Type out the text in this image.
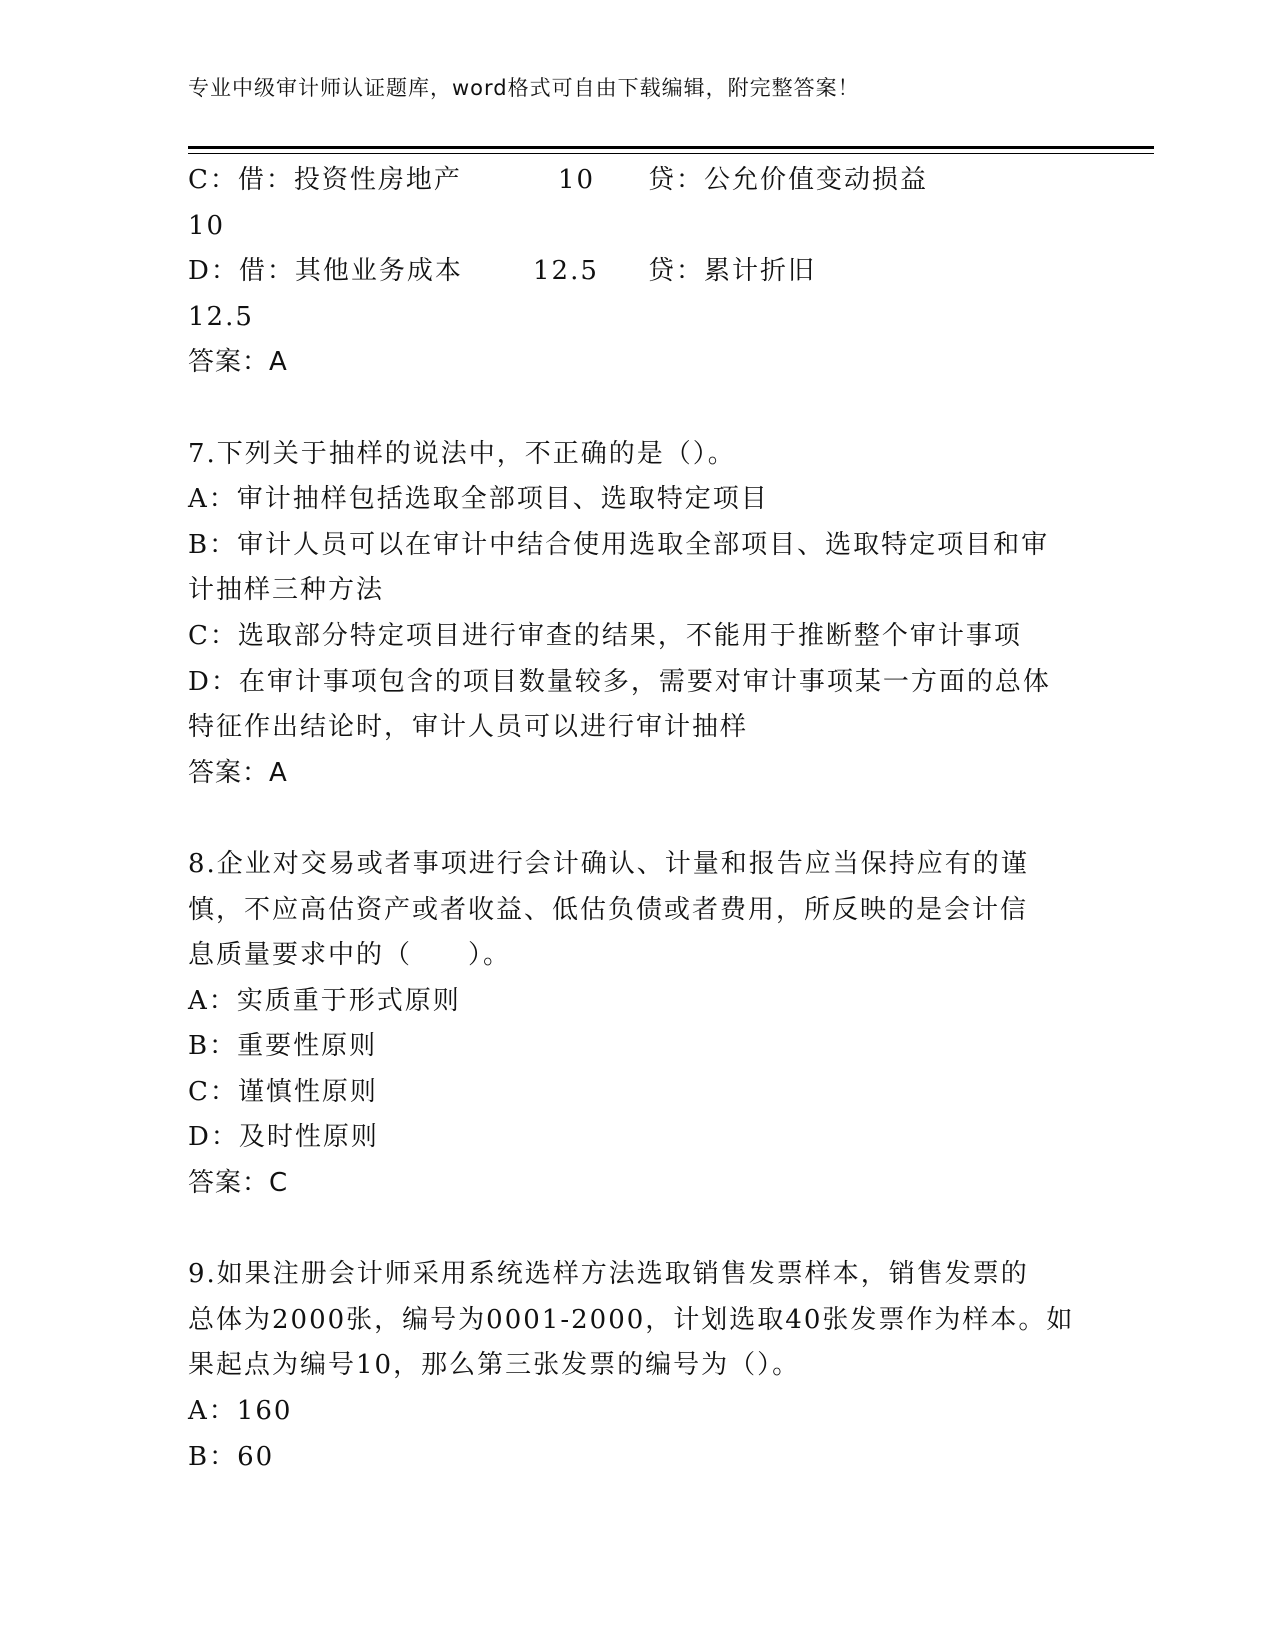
专业中级审计师认证题库，word格式可自由下载编辑，附完整答案！
C：借：投资性房地产	10 贷：公允价值变动损益
10
D：借：其他业务成本	12.5 贷：累计折旧
12.5
答案：A
7.下列关于抽样的说法中，不正确的是（）。
A：审计抽样包括选取全部项目、选取特定项目
B：审计人员可以在审计中结合使用选取全部项目、选取特定项目和审
计抽样三种方法
C：选取部分特定项目进行审查的结果，不能用于推断整个审计事项
D：在审计事项包含的项目数量较多，需要对审计事项某一方面的总体
特征作出结论时，审计人员可以进行审计抽样
答案：A
8.企业对交易或者事项进行会计确认、计量和报告应当保持应有的谨
慎，不应高估资产或者收益、低估负债或者费用，所反映的是会计信
息质量要求中的（　　）。
A：实质重于形式原则
B：重要性原则
C：谨慎性原则
D：及时性原则
答案：C
9.如果注册会计师采用系统选样方法选取销售发票样本，销售发票的
总体为2000张，编号为0001-2000，计划选取40张发票作为样本。如
果起点为编号10，那么第三张发票的编号为（）。
A：160
B：60
